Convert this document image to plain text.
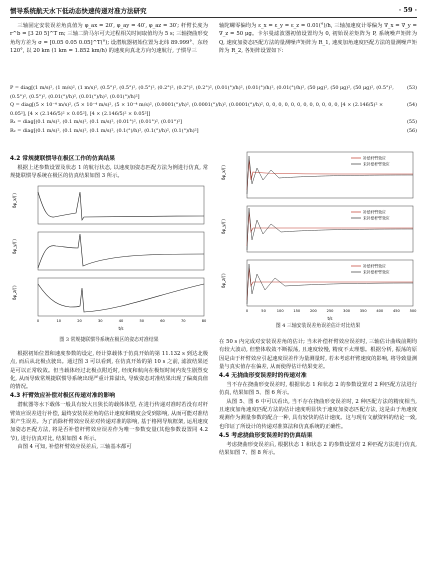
惯导系统航天水下低动态快速传递对准方法研究	· 59 ·

三轴固定安装误差角真值为 φ_ax = 20′, φ_ay = 40′, φ_az = 30′; 杆臂长度为 r^b = [3 20 5]^T m; 三轴二阶马尔可夫过程相关时间取值均为 5 s; 三轴挠曲形变角均方差为 σ = [0.05 0.05 0.05]^T(°); 设潜航器初始位置为北纬 89.999°、东经 120°, 以 20 km (1 km = 1.852 km/h) 的速度向真北方向匀速航行, 子惯导三

轴陀螺零偏均为 ε_x = ε_y = ε_z = 0.01(°)/h, 三轴加速度计零偏为 ∇_x = ∇_y = ∇_z = 50 μg。卡尔曼滤波器初值设置均为 0, 初始误差矩阵为 P, 系统噪声矩阵为 Q, 速度加姿态匹配方法的量测噪声矩阵为 R_1, 速度加角速度匹配方法的量测噪声矩阵为 R_2, 各矩阵设置如下:

P = diag[(1 m/s)², (1 m/s)², (1 m/s)², (0.5°)², (0.5°)², (0.5°)², (0.2°)², (0.2°)², (0.2°)², (0.01(°)/h)², (0.01(°)/h)², (0.01(°)/h)², (50 μg)², (50 μg)², (50 μg)², (0.5°)², (0.5°)², (0.5°)², (0.01(°)/h)², (0.01(°)/h)², (0.01(°)/h)²]
(53)
Q = diag[(5 × 10⁻⁴ m/s)², (5 × 10⁻⁴ m/s)², (5 × 10⁻⁴ m/s)², (0.0001(°)/h)², (0.0001(°)/h)², (0.0001(°)/h)², 0, 0, 0, 0, 0, 0, 0, 0, 0, 0, 0, 0, [4 × (2.146/5)² × 0.05²], [4 × (2.146/5)² × 0.05²], [4 × (2.146/5)² × 0.05²]]
(54)
R₁ = diag[(0.1 m/s)², (0.1 m/s)², (0.1 m/s)², (0.01°)², (0.01°)², (0.01°)²]	(55)
R₂ = diag[(0.1 m/s)², (0.1 m/s)², (0.1 m/s)², (0.1(°)/h)², (0.1(°)/h)², (0.1(°)/h)²]	(56)
4.2 常规捷联惯导在极区工作的仿真结果

根据上述参数设置及状态 1 的航行状态, 以速度加姿态匹配方法为例进行仿真, 常规捷联惯导系统在极区的仿真结果如图 3 所示。

δφ_x/(′)
δφ_y/(′)
δφ_z/(′)
0	10	20	30	40	50	60	70	80
t/s
图 3 常规捷联惯导系统在极区的姿态对准结果

根据初始位置和速度参数的设定, 经计算载体于仿真开始的第 11.132 s 到达北极点, 而后从北极点驶出。通过图 3 可以看到, 在仿真开始的第 10 s 之前, 滤波结果还是可以正常收敛。但当载体经过北极点附近时, 经度和航向在极短时间内发生剧烈变化, 从而导致常规捷联惯导系统出现严重计算溢出, 导致姿态对准结果出现了偏离真值的情况。

4.3 杆臂效应补偿对极区传递对准的影响

潜航器等水下载体一般具有较大且狭长的载体体型, 在进行传递对准时若没有对杆臂效应误差进行补偿, 最终安装误差角的估计速度和精度会受到影响, 从而可能对准结果产生误差。为了消除杆臂效应误差对传递对准的影响, 基于格网导航框架, 运用速度加姿态匹配方法, 将是否补偿杆臂效应误差作为唯一参数变量(其他参数设置同 4.2 节), 进行仿真对比, 结果如图 4 所示。

由图 4 可知, 补偿杆臂效应误差后, 三轴基本都可

δφ_x/(′)
补偿杆臂效应
未补偿杆臂效应
δφ_y/(′)
补偿杆臂效应
未补偿杆臂效应
δφ_z/(′)
补偿杆臂效应
未补偿杆臂效应
0	50	100	150	200	250	300	350	400	450	500
t/s
图 4 三轴安装误差角误差估计对比结果

在 50 s 内完成对安装误差角的估计; 当未补偿杆臂效应误差时, 三轴估计曲线前期均有较大波动, 但整体收敛不断振荡, 且速度较慢, 精度不太理想。根据分析, 振荡的原因是由于杆臂效应引起速度误差作为量测量时, 若未考虑杆臂速度的影响, 将导致量测量与真实值存在偏差, 从而使得估计结果变差。

4.4 无挠曲形变误差时的传递对准

当不存在挠曲形变误差时, 根据状态 1 和状态 2 的参数设置对 2 种匹配方法进行仿真, 结果如图 5、图 6 所示。

从图 5、图 6 中可以看出, 当不存在挠曲形变误差时, 2 种匹配方法的精度相当, 且速度加角速度匹配方法的估计速度明显快于速度加姿态匹配方法, 这是由于角速度观测作为测量参数的配合一种, 具有较快的估计速度。这与现有文献资料的结论一致, 也印证了所设计的传递对准算法和仿真系统的正确性。

4.5 考虑挠曲形变误差时的仿真结果

考虑挠曲形变误差后, 根据状态 1 和状态 2 的参数设置对 2 种匹配方法进行仿真, 结果如图 7、图 8 所示。
